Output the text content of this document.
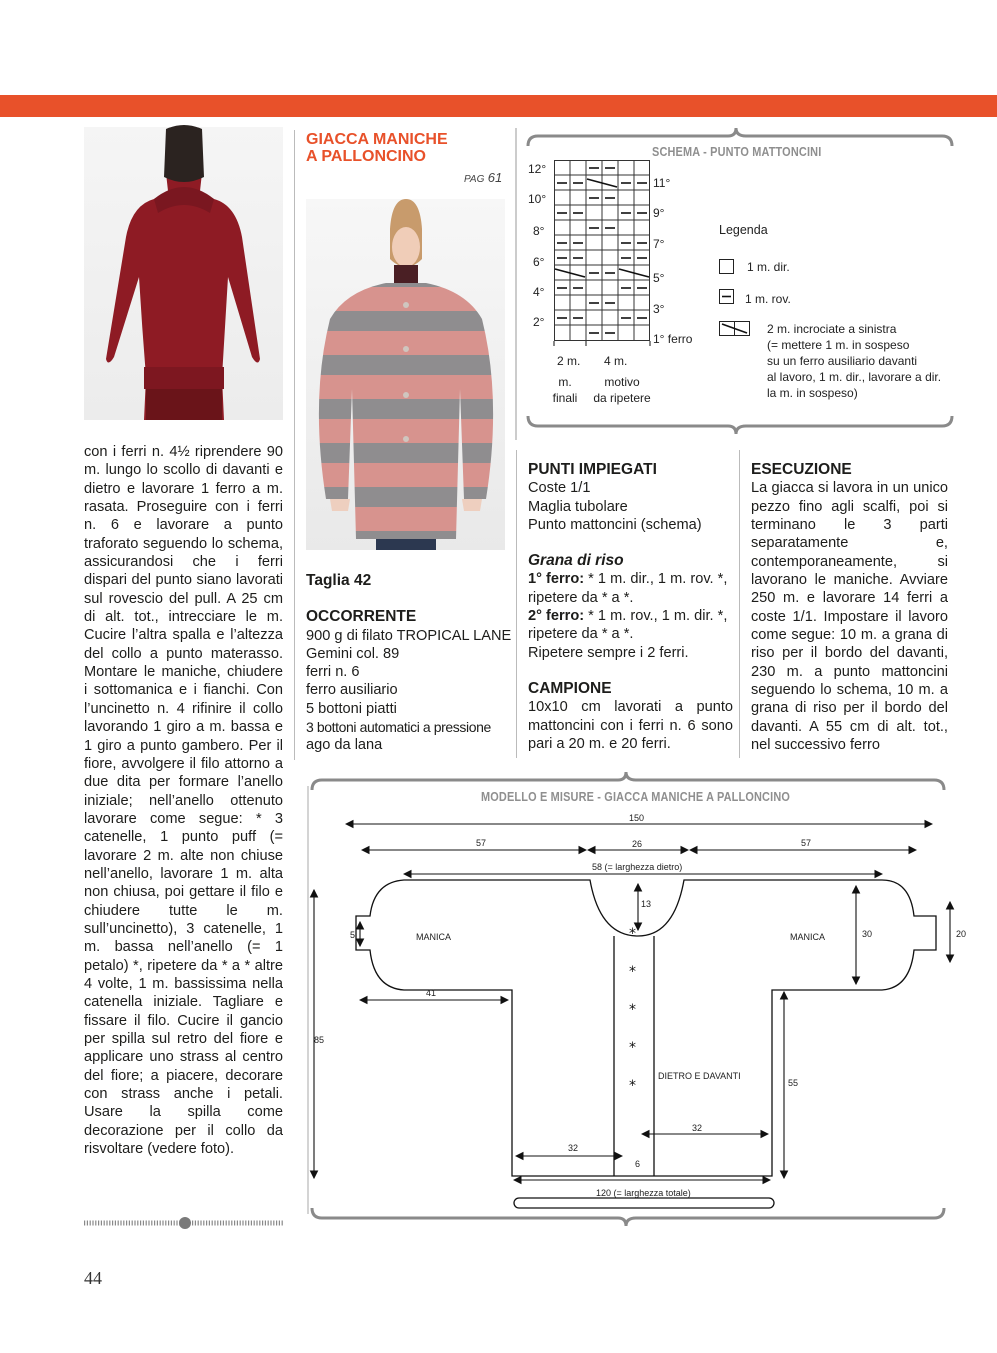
con i ferri n. 4½ riprendere 90 m. lungo lo scollo di davanti e dietro e lavorare 1 ferro a m. rasata. Proseguire con i ferri n. 6 e lavorare a punto traforato seguendo lo schema, assicurandosi che i ferri dispari del punto siano lavorati sul rovescio del pull. A 25 cm di alt. tot., intrecciare le m. Cucire l’altra spalla e l’altezza del collo a punto materasso. Montare le maniche, chiudere i sottomanica e i fianchi. Con l’uncinetto n. 4 rifinire il collo lavorando 1 giro a m. bassa e 1 giro a punto gambero. Per il fiore, avvolgere il filo attorno a due dita per formare l’anello iniziale; nell’anello ottenuto lavorare come segue: * 3 catenelle, 1 punto puff (= lavorare 2 m. alte non chiuse nell’anello, lavorare 1 m. alta non chiusa, poi gettare il filo e chiudere tutte le m. sull’uncinetto), 3 catenelle, 1 m. bassa nell’anello (= 1 petalo) *, ripetere da * a * altre 4 volte, 1 m. bassissima nella catenella iniziale. Tagliare e fissare il filo. Cucire il gancio per spilla sul retro del fiore e applicare uno strass al centro del fiore; a piacere, decorare con strass anche i petali. Usare la spilla come decorazione per il collo da risvoltare (vedere foto).
44
GIACCA MANICHE
A PALLONCINO
PAG 61
Taglia 42
OCCORRENTE
900 g di filato TROPICAL LANE Gemini col. 89
ferri n. 6
ferro ausiliario
5 bottoni piatti
3 bottoni automatici a pressione
ago da lana
SCHEMA - PUNTO MATTONCINI
12°
10°
8°
6°
4°
2°
11°
9°
7°
5°
3°
1° ferro
2 m. 4 m.
m.
finali
motivo
da ripetere
Legenda
1 m. dir.
1 m. rov.
2 m. incrociate a sinistra
(= mettere 1 m. in sospeso
su un ferro ausiliario davanti
al lavoro, 1 m. dir., lavorare a dir.
la m. in sospeso)
PUNTI IMPIEGATI
Coste 1/1
Maglia tubolare
Punto mattoncini (schema)
Grana di riso
1° ferro: * 1 m. dir., 1 m. rov. *, ripetere da * a *.
2° ferro: * 1 m. rov., 1 m. dir. *, ripetere da * a *.
Ripetere sempre i 2 ferri.
CAMPIONE
10x10 cm lavorati a punto mattoncini con i ferri n. 6 sono pari a 20 m. e 20 ferri.
ESECUZIONE
La giacca si lavora in un unico pezzo fino agli scalfi, poi si terminano le 3 parti separatamente e, contemporaneamente, si lavorano le maniche. Avviare 250 m. e lavorare 14 ferri a coste 1/1. Impostare il lavoro come segue: 10 m. a grana di riso per il bordo del davanti, 230 m. a punto mattoncini seguendo lo schema, 10 m. a grana di riso per il bordo del davanti. A 55 cm di alt. tot., nel successivo ferro
MODELLO E MISURE - GIACCA MANICHE A PALLONCINO
*
*
*
*
*
150
57	26	57
58 (= larghezza dietro)
13
5	MANICA	MANICA	30	20
41
85
DIETRO E DAVANTI
55
32
32
6
120 (= larghezza totale)
